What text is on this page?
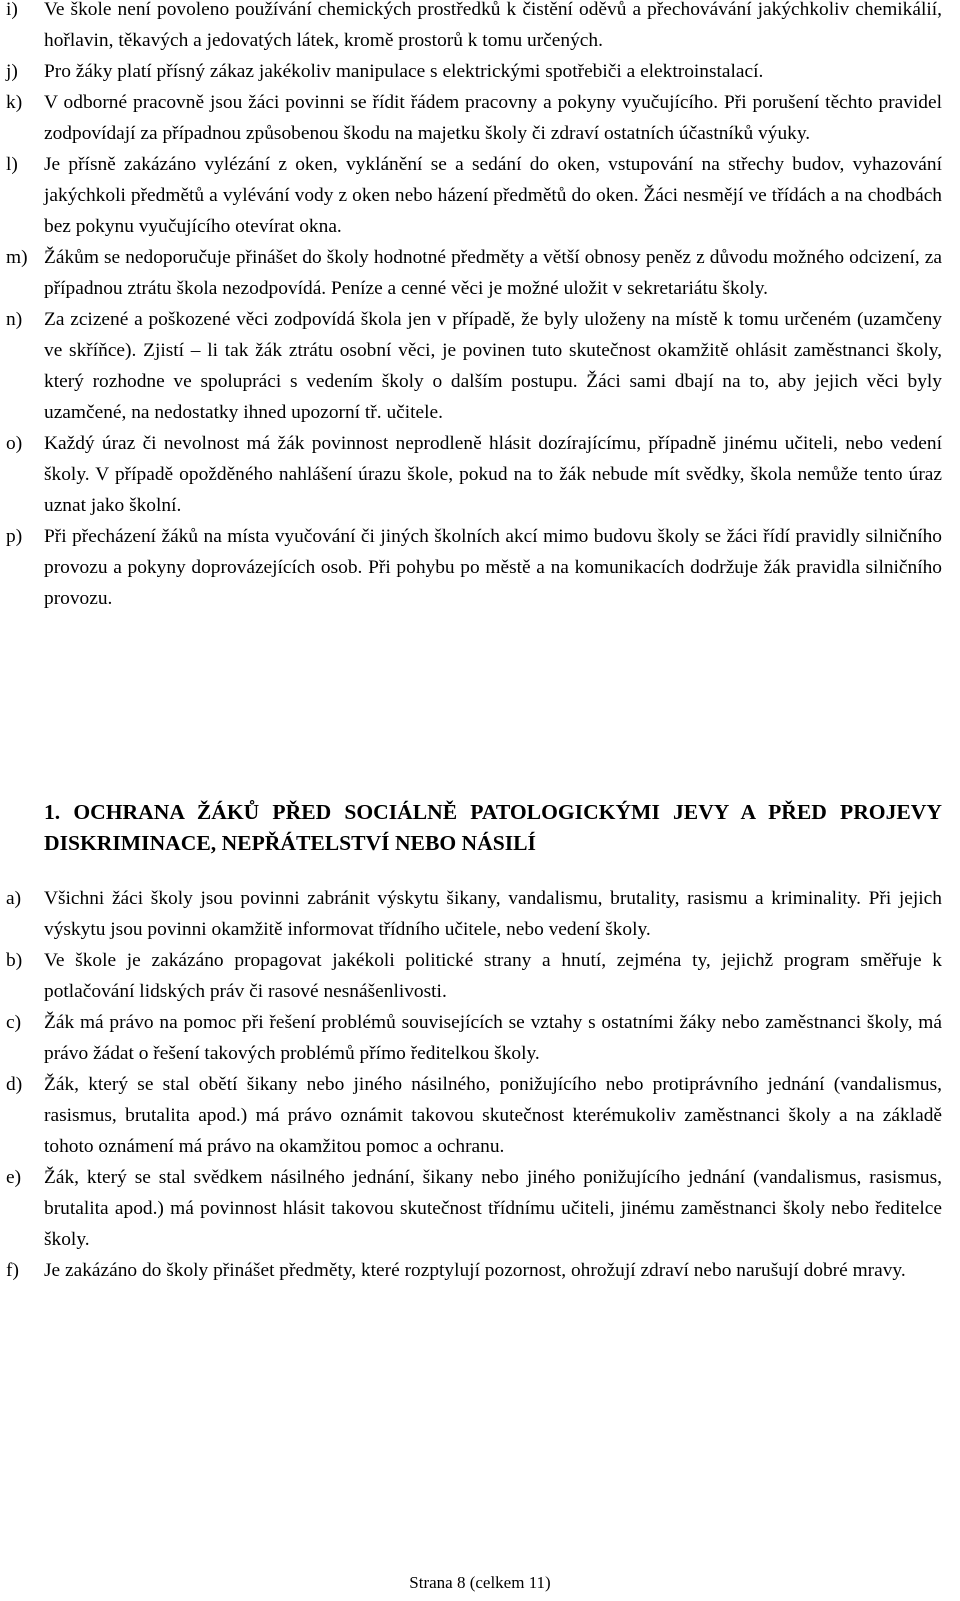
i) Ve škole není povoleno používání chemických prostředků k čistění oděvů a přechovávání jakýchkoliv chemikálií, hořlavin, těkavých a jedovatých látek, kromě prostorů k tomu určených.
j) Pro žáky platí přísný zákaz jakékoliv manipulace s elektrickými spotřebiči a elektroinstalací.
k) V odborné pracovně jsou žáci povinni se řídit řádem pracovny a pokyny vyučujícího. Při porušení těchto pravidel zodpovídají za případnou způsobenou škodu na majetku školy či zdraví ostatních účastníků výuky.
l) Je přísně zakázáno vylézání z oken, vyklánění se a sedání do oken, vstupování na střechy budov, vyhazování jakýchkoli předmětů a vylévání vody z oken nebo házení předmětů do oken. Žáci nesmějí ve třídách a na chodbách bez pokynu vyučujícího otevírat okna.
m) Žákům se nedoporučuje přinášet do školy hodnotné předměty a větší obnosy peněz z důvodu možného odcizení, za případnou ztrátu škola nezodpovídá. Peníze a cenné věci je možné uložit v sekretariátu školy.
n) Za zcizené a poškozené věci zodpovídá škola jen v případě, že byly uloženy na místě k tomu určeném (uzamčeny ve skříňce). Zjistí – li tak žák ztrátu osobní věci, je povinen tuto skutečnost okamžitě ohlásit zaměstnanci školy, který rozhodne ve spolupráci s vedením školy o dalším postupu. Žáci sami dbají na to, aby jejich věci byly uzamčené, na nedostatky ihned upozorní tř. učitele.
o) Každý úraz či nevolnost má žák povinnost neprodleně hlásit dozírajícímu, případně jinému učiteli, nebo vedení školy. V případě opožděného nahlášení úrazu škole, pokud na to žák nebude mít svědky, škola nemůže tento úraz uznat jako školní.
p) Při přecházení žáků na místa vyučování či jiných školních akcí mimo budovu školy se žáci řídí pravidly silničního provozu a pokyny doprovázejících osob. Při pohybu po městě a na komunikacích dodržuje žák pravidla silničního provozu.
1. OCHRANA ŽÁKŮ PŘED SOCIÁLNĚ PATOLOGICKÝMI JEVY A PŘED PROJEVY DISKRIMINACE, NEPŘÁTELSTVÍ NEBO NÁSILÍ
a) Všichni žáci školy jsou povinni zabránit výskytu šikany, vandalismu, brutality, rasismu a kriminality. Při jejich výskytu jsou povinni okamžitě informovat třídního učitele, nebo vedení školy.
b) Ve škole je zakázáno propagovat jakékoli politické strany a hnutí, zejména ty, jejichž program směřuje k potlačování lidských práv či rasové nesnášenlivosti.
c) Žák má právo na pomoc při řešení problémů souvisejících se vztahy s ostatními žáky nebo zaměstnanci školy, má právo žádat o řešení takových problémů přímo ředitelkou školy.
d) Žák, který se stal obětí šikany nebo jiného násilného, ponižujícího nebo protiprávního jednání (vandalismus, rasismus, brutalita apod.) má právo oznámit takovou skutečnost kterémukoliv zaměstnanci školy a na základě tohoto oznámení má právo na okamžitou pomoc a ochranu.
e) Žák, který se stal svědkem násilného jednání, šikany nebo jiného ponižujícího jednání (vandalismus, rasismus, brutalita apod.) má povinnost hlásit takovou skutečnost třídnímu učiteli, jinému zaměstnanci školy nebo ředitelce školy.
f) Je zakázáno do školy přinášet předměty, které rozptylují pozornost, ohrožují zdraví nebo narušují dobré mravy.
Strana 8 (celkem 11)
